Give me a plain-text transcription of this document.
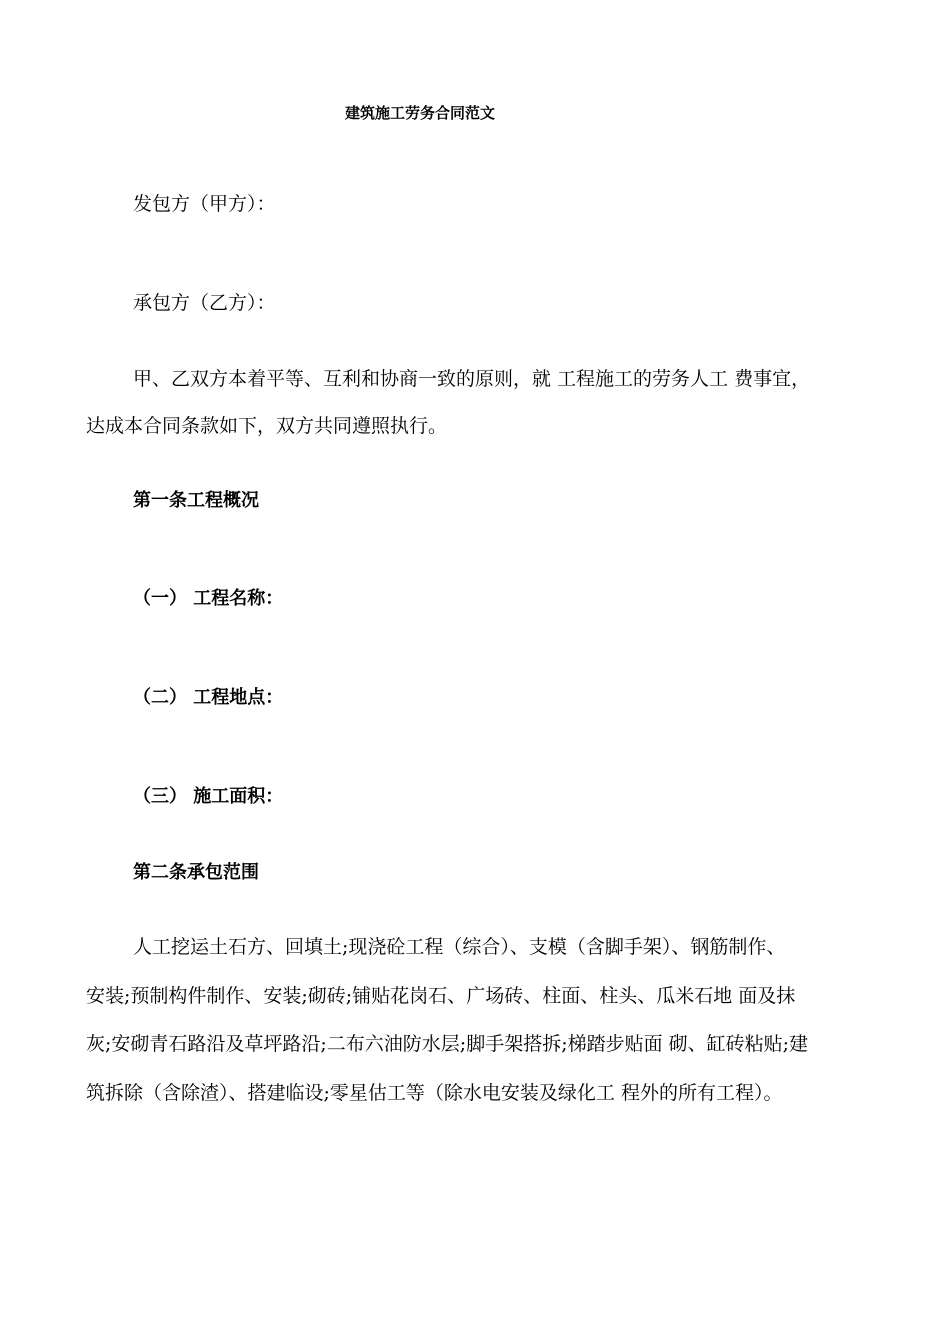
建筑施工劳务合同范文
发包方（甲方）：
承包方（乙方）：
甲、乙双方本着平等、互利和协商一致的原则，就 工程施工的劳务人工 费事宜，
达成本合同条款如下，双方共同遵照执行。
第一条工程概况
（一） 工程名称：
（二） 工程地点：
（三） 施工面积：
第二条承包范围
人工挖运土石方、回填土;现浇砼工程（综合）、支模（含脚手架）、钢筋制作、
安装;预制构件制作、安装;砌砖;铺贴花岗石、广场砖、柱面、柱头、瓜米石地 面及抹
灰;安砌青石路沿及草坪路沿;二布六油防水层;脚手架搭拆;梯踏步贴面 砌、缸砖粘贴;建
筑拆除（含除渣）、搭建临设;零星估工等（除水电安装及绿化工 程外的所有工程）。
